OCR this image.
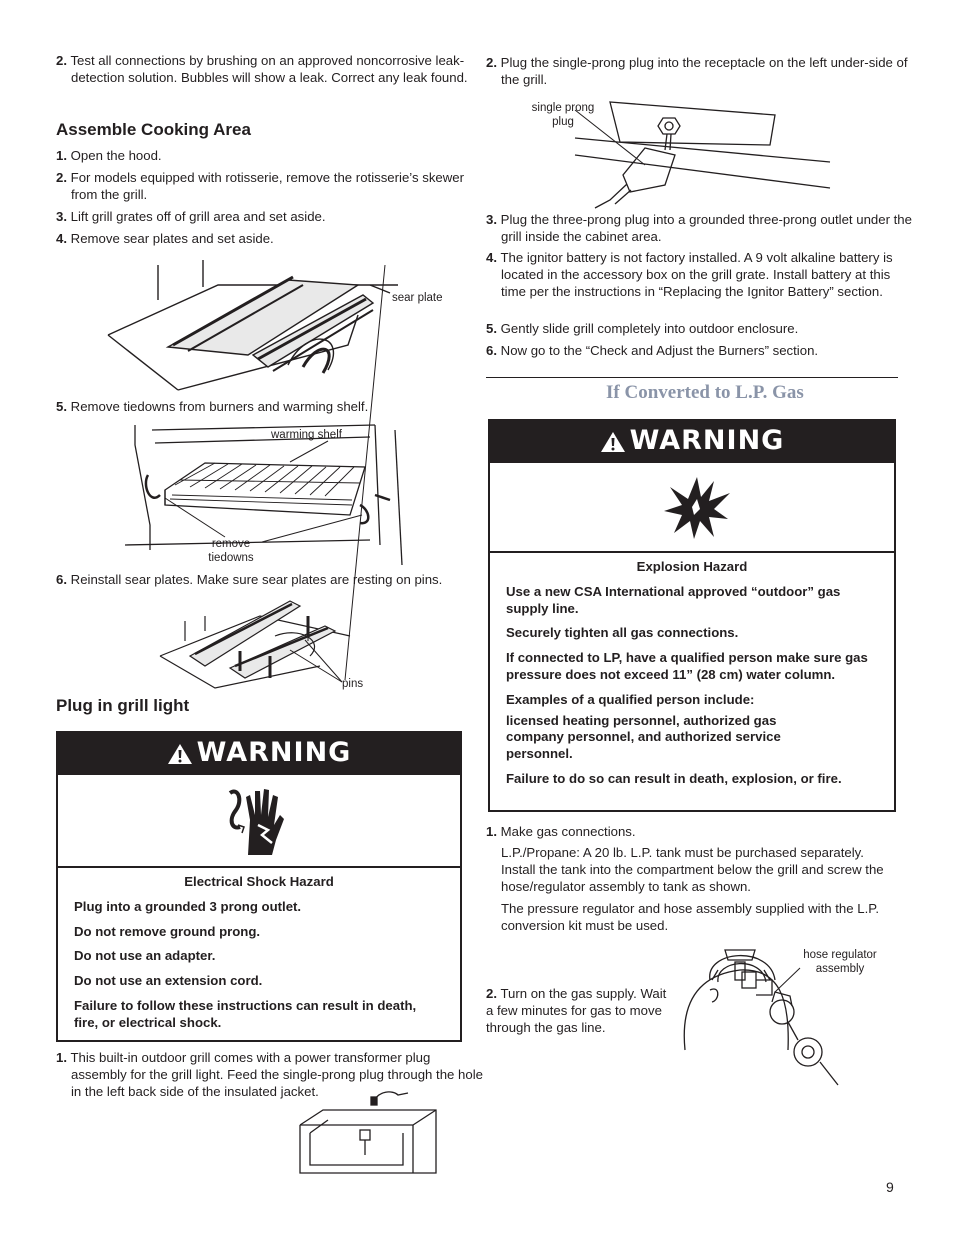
2. Test all connections by brushing on an approved noncorrosive leak-detection solution. Bubbles will show a leak. Correct any leak found.
Assemble Cooking Area
1. Open the hood.
2. For models equipped with rotisserie, remove the rotisserie’s skewer from the grill.
3. Lift grill grates off of grill area and set aside.
4. Remove sear plates and set aside.
sear plate
5. Remove tiedowns from burners and warming shelf.
warming shelf
remove tiedowns
6. Reinstall sear plates. Make sure sear plates are resting on pins.
pins
Plug in grill light
WARNING

Electrical Shock Hazard

Plug into a grounded 3 prong outlet.

Do not remove ground prong.

Do not use an adapter.

Do not use an extension cord.

Failure to follow these instructions can result in death, fire, or electrical shock.

1. This built-in outdoor grill comes with a power transformer plug assembly for the grill light. Feed the single-prong plug through the hole in the left back side of the insulated jacket.
2. Plug the single-prong plug into the receptacle on the left under-side of the grill.
single prong plug
3. Plug the three-prong plug into a grounded three-prong outlet under the grill inside the cabinet area.
4. The ignitor battery is not factory installed. A 9 volt alkaline battery is located in the accessory box on the grill grate. Install battery at this time per the instructions in “Replacing the Ignitor Battery” section.
5. Gently slide grill completely into outdoor enclosure.
6. Now go to the “Check and Adjust the Burners” section.
If Converted to L.P. Gas
WARNING

Explosion Hazard

Use a new CSA International approved “outdoor” gas supply line.

Securely tighten all gas connections.

If connected to LP, have a qualified person make sure gas pressure does not exceed 11” (28 cm) water column.

Examples of a qualified person include:

licensed heating personnel, authorized gas company personnel, and authorized service personnel.

Failure to do so can result in death, explosion, or fire.

1. Make gas connections.
L.P./Propane: A 20 lb. L.P. tank must be purchased separately. Install the tank into the compartment below the grill and screw the hose/regulator assembly to tank as shown.
The pressure regulator and hose assembly supplied with the L.P. conversion kit must be used.
hose regulator assembly
2. Turn on the gas supply. Wait a few minutes for gas to move through the gas line.
9
